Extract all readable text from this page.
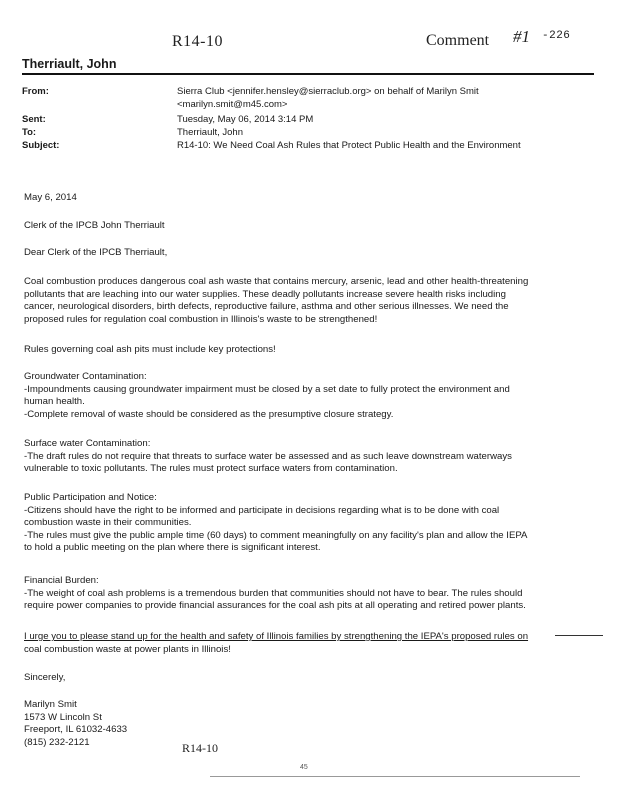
R14-10	Comment #1 -226
Therriault, John
From:	Sierra Club <jennifer.hensley@sierraclub.org> on behalf of Marilyn Smit
<marilyn.smit@m45.com>
Sent:	Tuesday, May 06, 2014 3:14 PM
To:	Therriault, John
Subject:	R14-10: We Need Coal Ash Rules that Protect Public Health and the Environment
May 6, 2014
Clerk of the IPCB John Therriault
Dear Clerk of the IPCB Therriault,
Coal combustion produces dangerous coal ash waste that contains mercury, arsenic, lead and other health-threatening
pollutants that are leaching into our water supplies. These deadly pollutants increase severe health risks including
cancer, neurological disorders, birth defects, reproductive failure, asthma and other serious illnesses. We need the
proposed rules for regulation coal combustion in Illinois's waste to be strengthened!
Rules governing coal ash pits must include key protections!
Groundwater Contamination:
-Impoundments causing groundwater impairment must be closed by a set date to fully protect the environment and
human health.
-Complete removal of waste should be considered as the presumptive closure strategy.
Surface water Contamination:
-The draft rules do not require that threats to surface water be assessed and as such leave downstream waterways
vulnerable to toxic pollutants. The rules must protect surface waters from contamination.
Public Participation and Notice:
-Citizens should have the right to be informed and participate in decisions regarding what is to be done with coal
combustion waste in their communities.
-The rules must give the public ample time (60 days) to comment meaningfully on any facility's plan and allow the IEPA
to hold a public meeting on the plan where there is significant interest.
Financial Burden:
-The weight of coal ash problems is a tremendous burden that communities should not have to bear. The rules should
require power companies to provide financial assurances for the coal ash pits at all operating and retired power plants.
I urge you to please stand up for the health and safety of Illinois families by strengthening the IEPA's proposed rules on
coal combustion waste at power plants in Illinois!
Sincerely,
Marilyn Smit
1573 W Lincoln St
Freeport, IL 61032-4633
(815) 232-2121	R14-10
45
